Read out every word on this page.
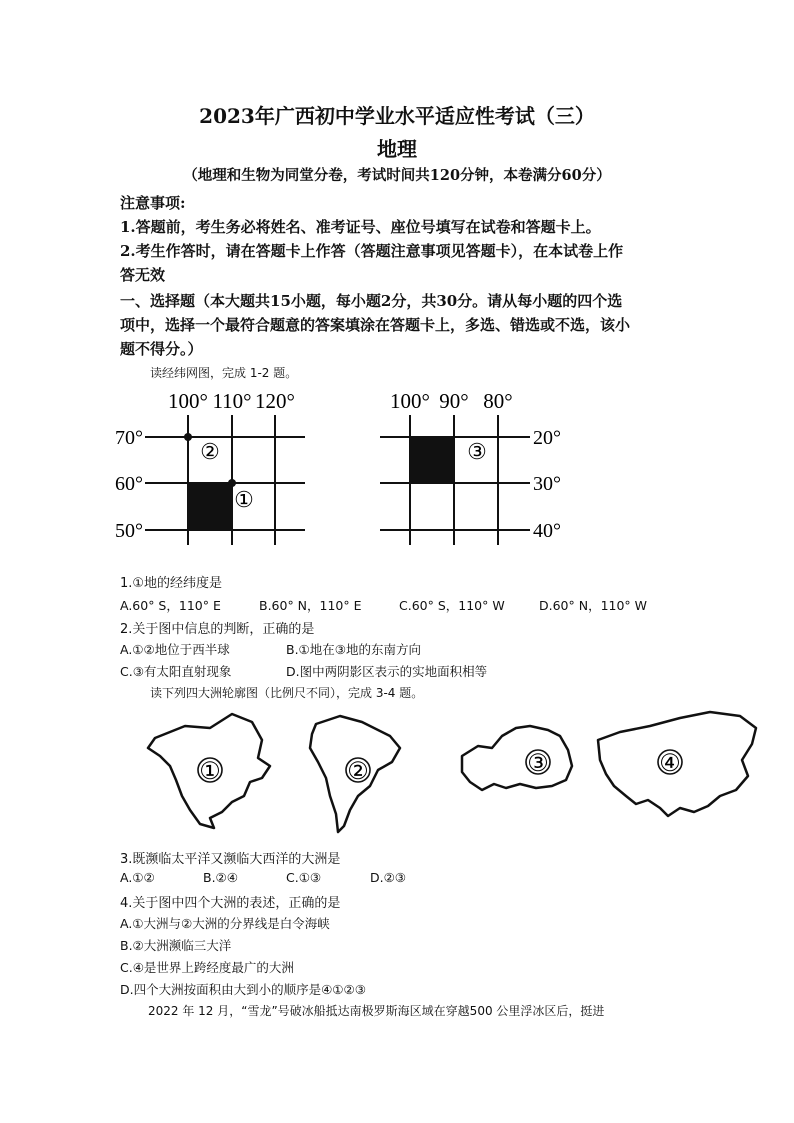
2023年广西初中学业水平适应性考试（三）
地理
（地理和生物为同堂分卷，考试时间共120分钟，本卷满分60分）
注意事项:
1.答题前，考生务必将姓名、准考证号、座位号填写在试卷和答题卡上。
2.考生作答时，请在答题卡上作答（答题注意事项见答题卡），在本试卷上作
答无效
一、选择题（本大题共15小题，每小题2分，共30分。请从每小题的四个选
项中，选择一个最符合题意的答案填涂在答题卡上，多选、错选或不选，该小
题不得分。）
读经纬网图，完成 1-2 题。
100° 110° 120°
70°
60°
50°
②
①
100° 90° 80°
20°
30°
40°
③
1.①地的经纬度是
A.60° S，110° E	B.60° N，110° E	C.60° S，110° W	D.60° N，110° W
2.关于图中信息的判断，正确的是
A.①②地位于西半球	B.①地在③地的东南方向
C.③有太阳直射现象	D.图中两阴影区表示的实地面积相等
读下列四大洲轮廓图（比例尺不同），完成 3-4 题。
①	②	③	④
3.既濒临太平洋又濒临大西洋的大洲是
A.①②	B.②④	C.①③	D.②③
4.关于图中四个大洲的表述，正确的是
A.①大洲与②大洲的分界线是白令海峡
B.②大洲濒临三大洋
C.④是世界上跨经度最广的大洲
D.四个大洲按面积由大到小的顺序是④①②③
2022 年 12 月，“雪龙”号破冰船抵达南极罗斯海区域在穿越500 公里浮冰区后，挺进
